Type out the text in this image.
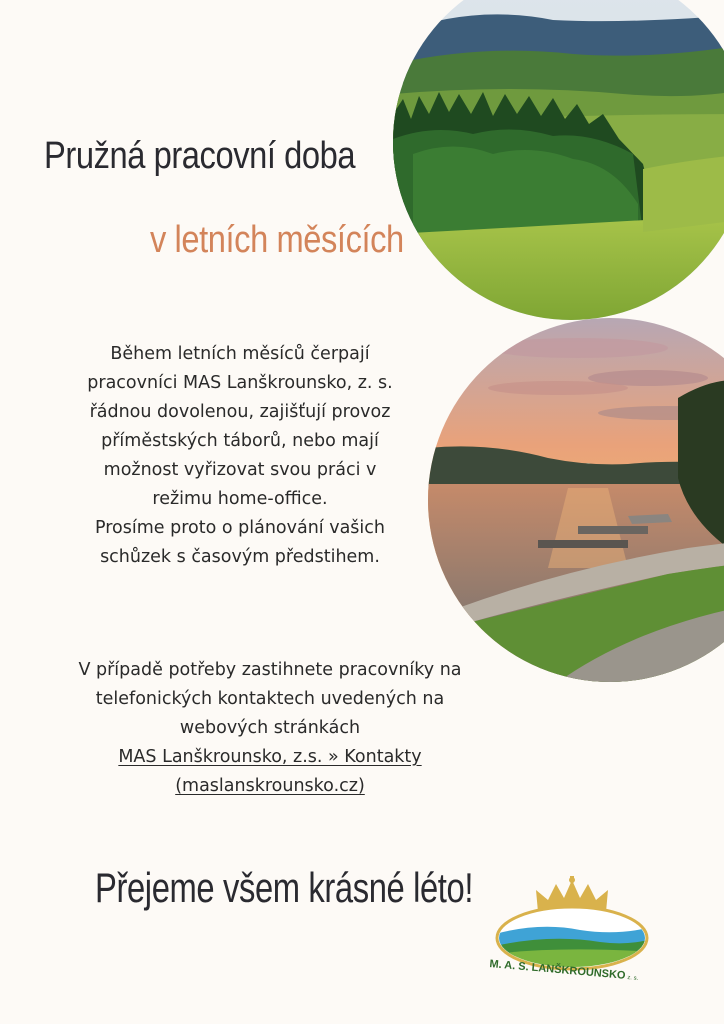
Pružná pracovní doba
v letních měsících
Během letních měsíců čerpají
pracovníci MAS Lanškrounsko, z. s.
řádnou dovolenou, zajišťují provoz
příměstských táborů, nebo mají
možnost vyřizovat svou práci v
režimu home-office.
Prosíme proto o plánování vašich
schůzek s časovým předstihem.
V případě potřeby zastihnete pracovníky na
telefonických kontaktech uvedených na
webových stránkách
MAS Lanškrounsko, z.s. » Kontakty
(maslanskrounsko.cz)
Přejeme všem krásné léto!
M. A. S. LANŠKROUNSKOz. s.
